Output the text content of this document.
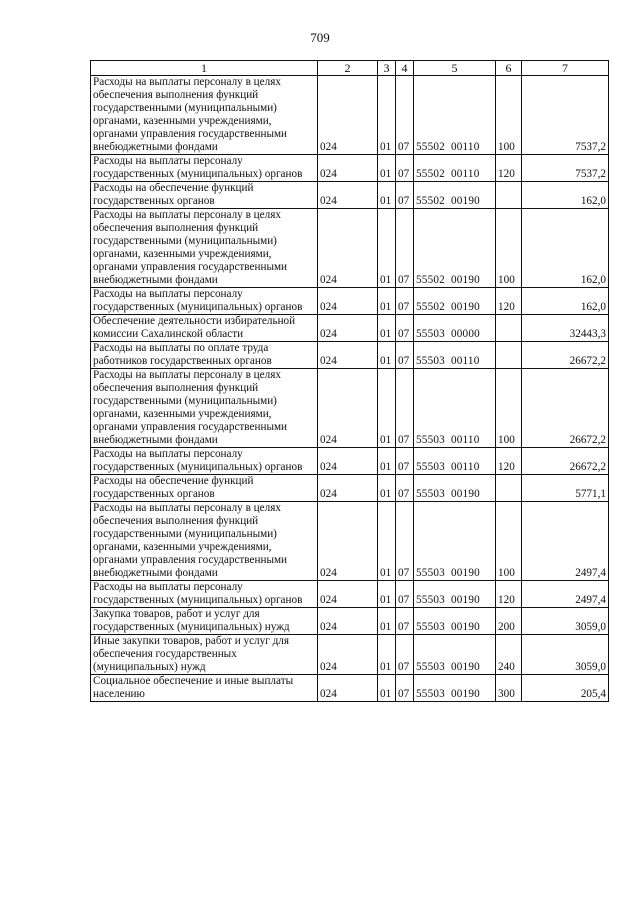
709
1	2	3	4	5	6	7
Расходы на выплаты персоналу в целях обеспечения выполнения функций государственными (муниципальными) органами, казенными учреждениями, органами управления государственными внебюджетными фондами	024	01	07	55502  00110	100	7537,2
Расходы на выплаты персоналу государственных (муниципальных) органов	024	01	07	55502  00110	120	7537,2
Расходы на обеспечение функций государственных органов	024	01	07	55502  00190		162,0
Расходы на выплаты персоналу в целях обеспечения выполнения функций государственными (муниципальными) органами, казенными учреждениями, органами управления государственными внебюджетными фондами	024	01	07	55502  00190	100	162,0
Расходы на выплаты персоналу государственных (муниципальных) органов	024	01	07	55502  00190	120	162,0
Обеспечение деятельности избирательной комиссии Сахалинской области	024	01	07	55503  00000		32443,3
Расходы на выплаты по оплате труда работников государственных органов	024	01	07	55503  00110		26672,2
Расходы на выплаты персоналу в целях обеспечения выполнения функций государственными (муниципальными) органами, казенными учреждениями, органами управления государственными внебюджетными фондами	024	01	07	55503  00110	100	26672,2
Расходы на выплаты персоналу государственных (муниципальных) органов	024	01	07	55503  00110	120	26672,2
Расходы на обеспечение функций государственных органов	024	01	07	55503  00190		5771,1
Расходы на выплаты персоналу в целях обеспечения выполнения функций государственными (муниципальными) органами, казенными учреждениями, органами управления государственными внебюджетными фондами	024	01	07	55503  00190	100	2497,4
Расходы на выплаты персоналу государственных (муниципальных) органов	024	01	07	55503  00190	120	2497,4
Закупка товаров, работ и услуг для государственных (муниципальных) нужд	024	01	07	55503  00190	200	3059,0
Иные закупки товаров, работ и услуг для обеспечения государственных (муниципальных) нужд	024	01	07	55503  00190	240	3059,0
Социальное обеспечение и иные выплаты населению	024	01	07	55503  00190	300	205,4
